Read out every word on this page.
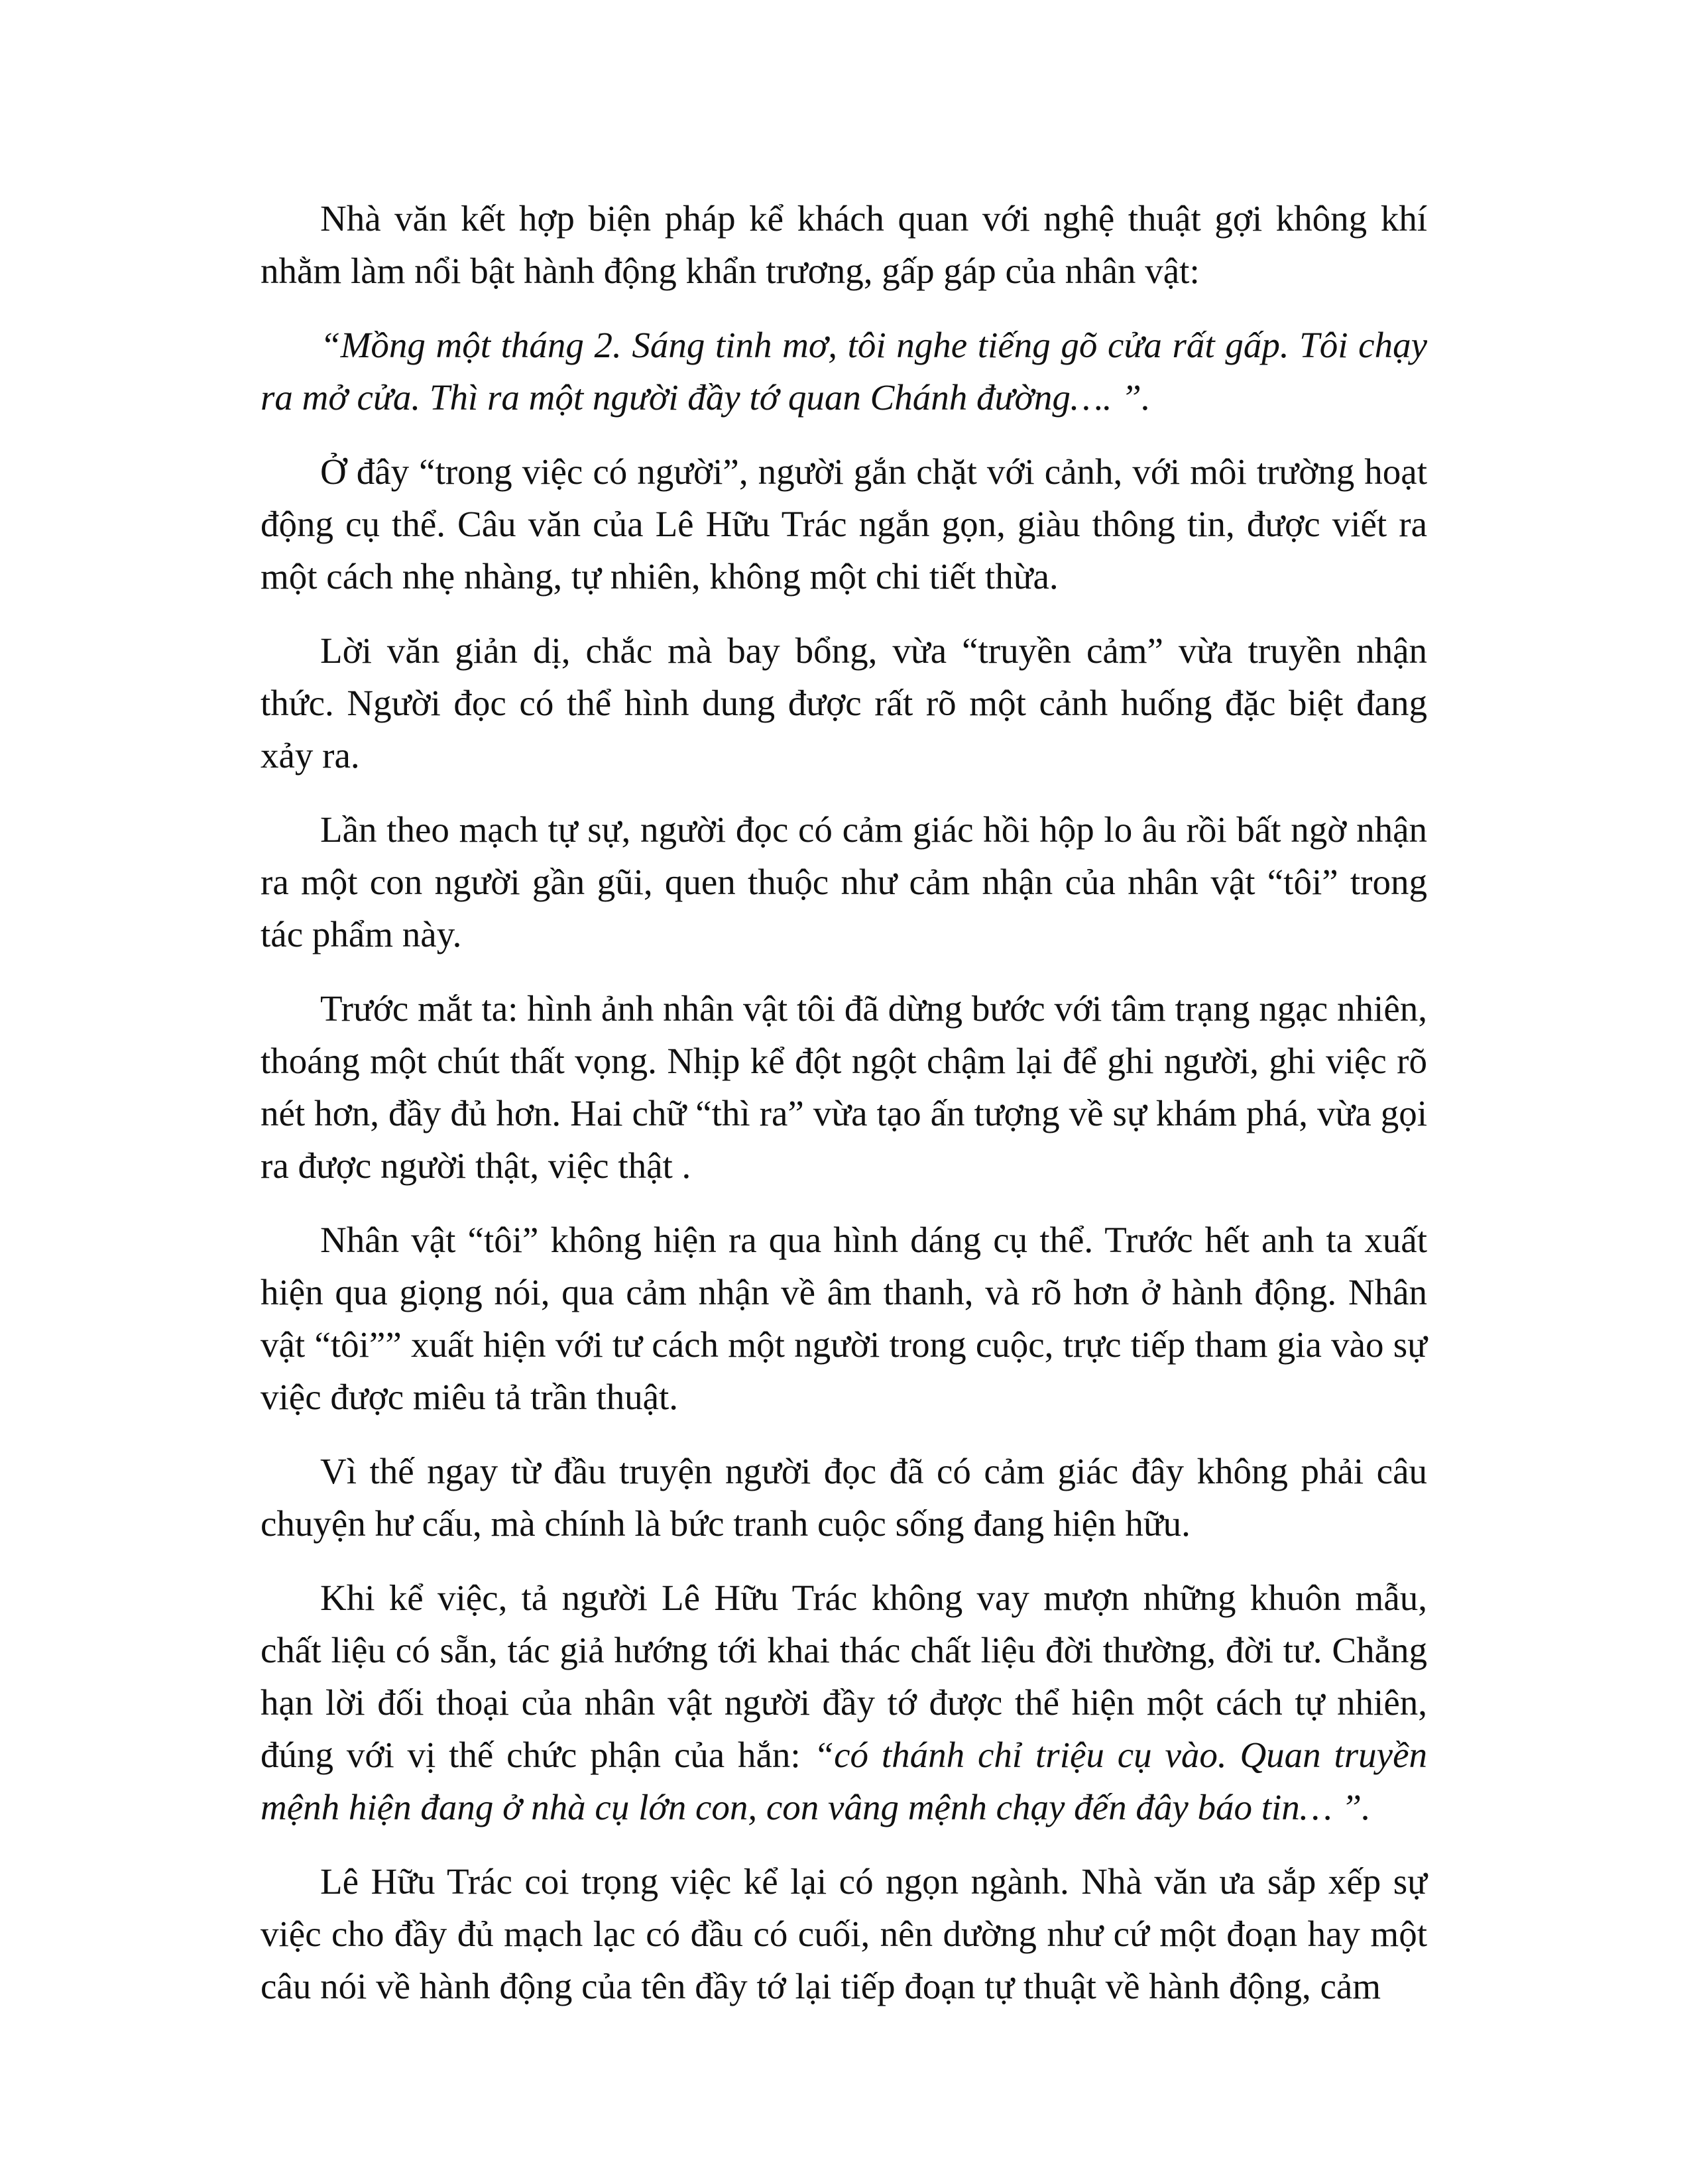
Nhà văn kết hợp biện pháp kể khách quan với nghệ thuật gợi không khí nhằm làm nổi bật hành động khẩn trương, gấp gáp của nhân vật:

“Mồng một tháng 2. Sáng tinh mơ, tôi nghe tiếng gõ cửa rất gấp. Tôi chạy ra mở cửa. Thì ra một người đầy tớ quan Chánh đường…. ”.

Ở đây “trong việc có người”, người gắn chặt với cảnh, với môi trường hoạt động cụ thể. Câu văn của Lê Hữu Trác ngắn gọn, giàu thông tin, được viết ra một cách nhẹ nhàng, tự nhiên, không một chi tiết thừa.

Lời văn giản dị, chắc mà bay bổng, vừa “truyền cảm” vừa truyền nhận thức. Người đọc có thể hình dung được rất rõ một cảnh huống đặc biệt đang xảy ra.

Lần theo mạch tự sự, người đọc có cảm giác hồi hộp lo âu rồi bất ngờ nhận ra một con người gần gũi, quen thuộc như cảm nhận của nhân vật “tôi” trong tác phẩm này.

Trước mắt ta: hình ảnh nhân vật tôi đã dừng bước với tâm trạng ngạc nhiên, thoáng một chút thất vọng. Nhịp kể đột ngột chậm lại để ghi người, ghi việc rõ nét hơn, đầy đủ hơn. Hai chữ “thì ra” vừa tạo ấn tượng về sự khám phá, vừa gọi ra được người thật, việc thật .

Nhân vật “tôi” không hiện ra qua hình dáng cụ thể. Trước hết anh ta xuất hiện qua giọng nói, qua cảm nhận về âm thanh, và rõ hơn ở hành động. Nhân vật “tôi”” xuất hiện với tư cách một người trong cuộc, trực tiếp tham gia vào sự việc được miêu tả trần thuật.

Vì thế ngay từ đầu truyện người đọc đã có cảm giác đây không phải câu chuyện hư cấu, mà chính là bức tranh cuộc sống đang hiện hữu.

Khi kể việc, tả người Lê Hữu Trác không vay mượn những khuôn mẫu, chất liệu có sẵn, tác giả hướng tới khai thác chất liệu đời thường, đời tư. Chẳng hạn lời đối thoại của nhân vật người đầy tớ được thể hiện một cách tự nhiên, đúng với vị thế chức phận của hắn: “có thánh chỉ triệu cụ vào. Quan truyền mệnh hiện đang ở nhà cụ lớn con, con vâng mệnh chạy đến đây báo tin… ”.

Lê Hữu Trác coi trọng việc kể lại có ngọn ngành. Nhà văn ưa sắp xếp sự việc cho đầy đủ mạch lạc có đầu có cuối, nên dường như cứ một đoạn hay một câu nói về hành động của tên đầy tớ lại tiếp đoạn tự thuật về hành động, cảm
